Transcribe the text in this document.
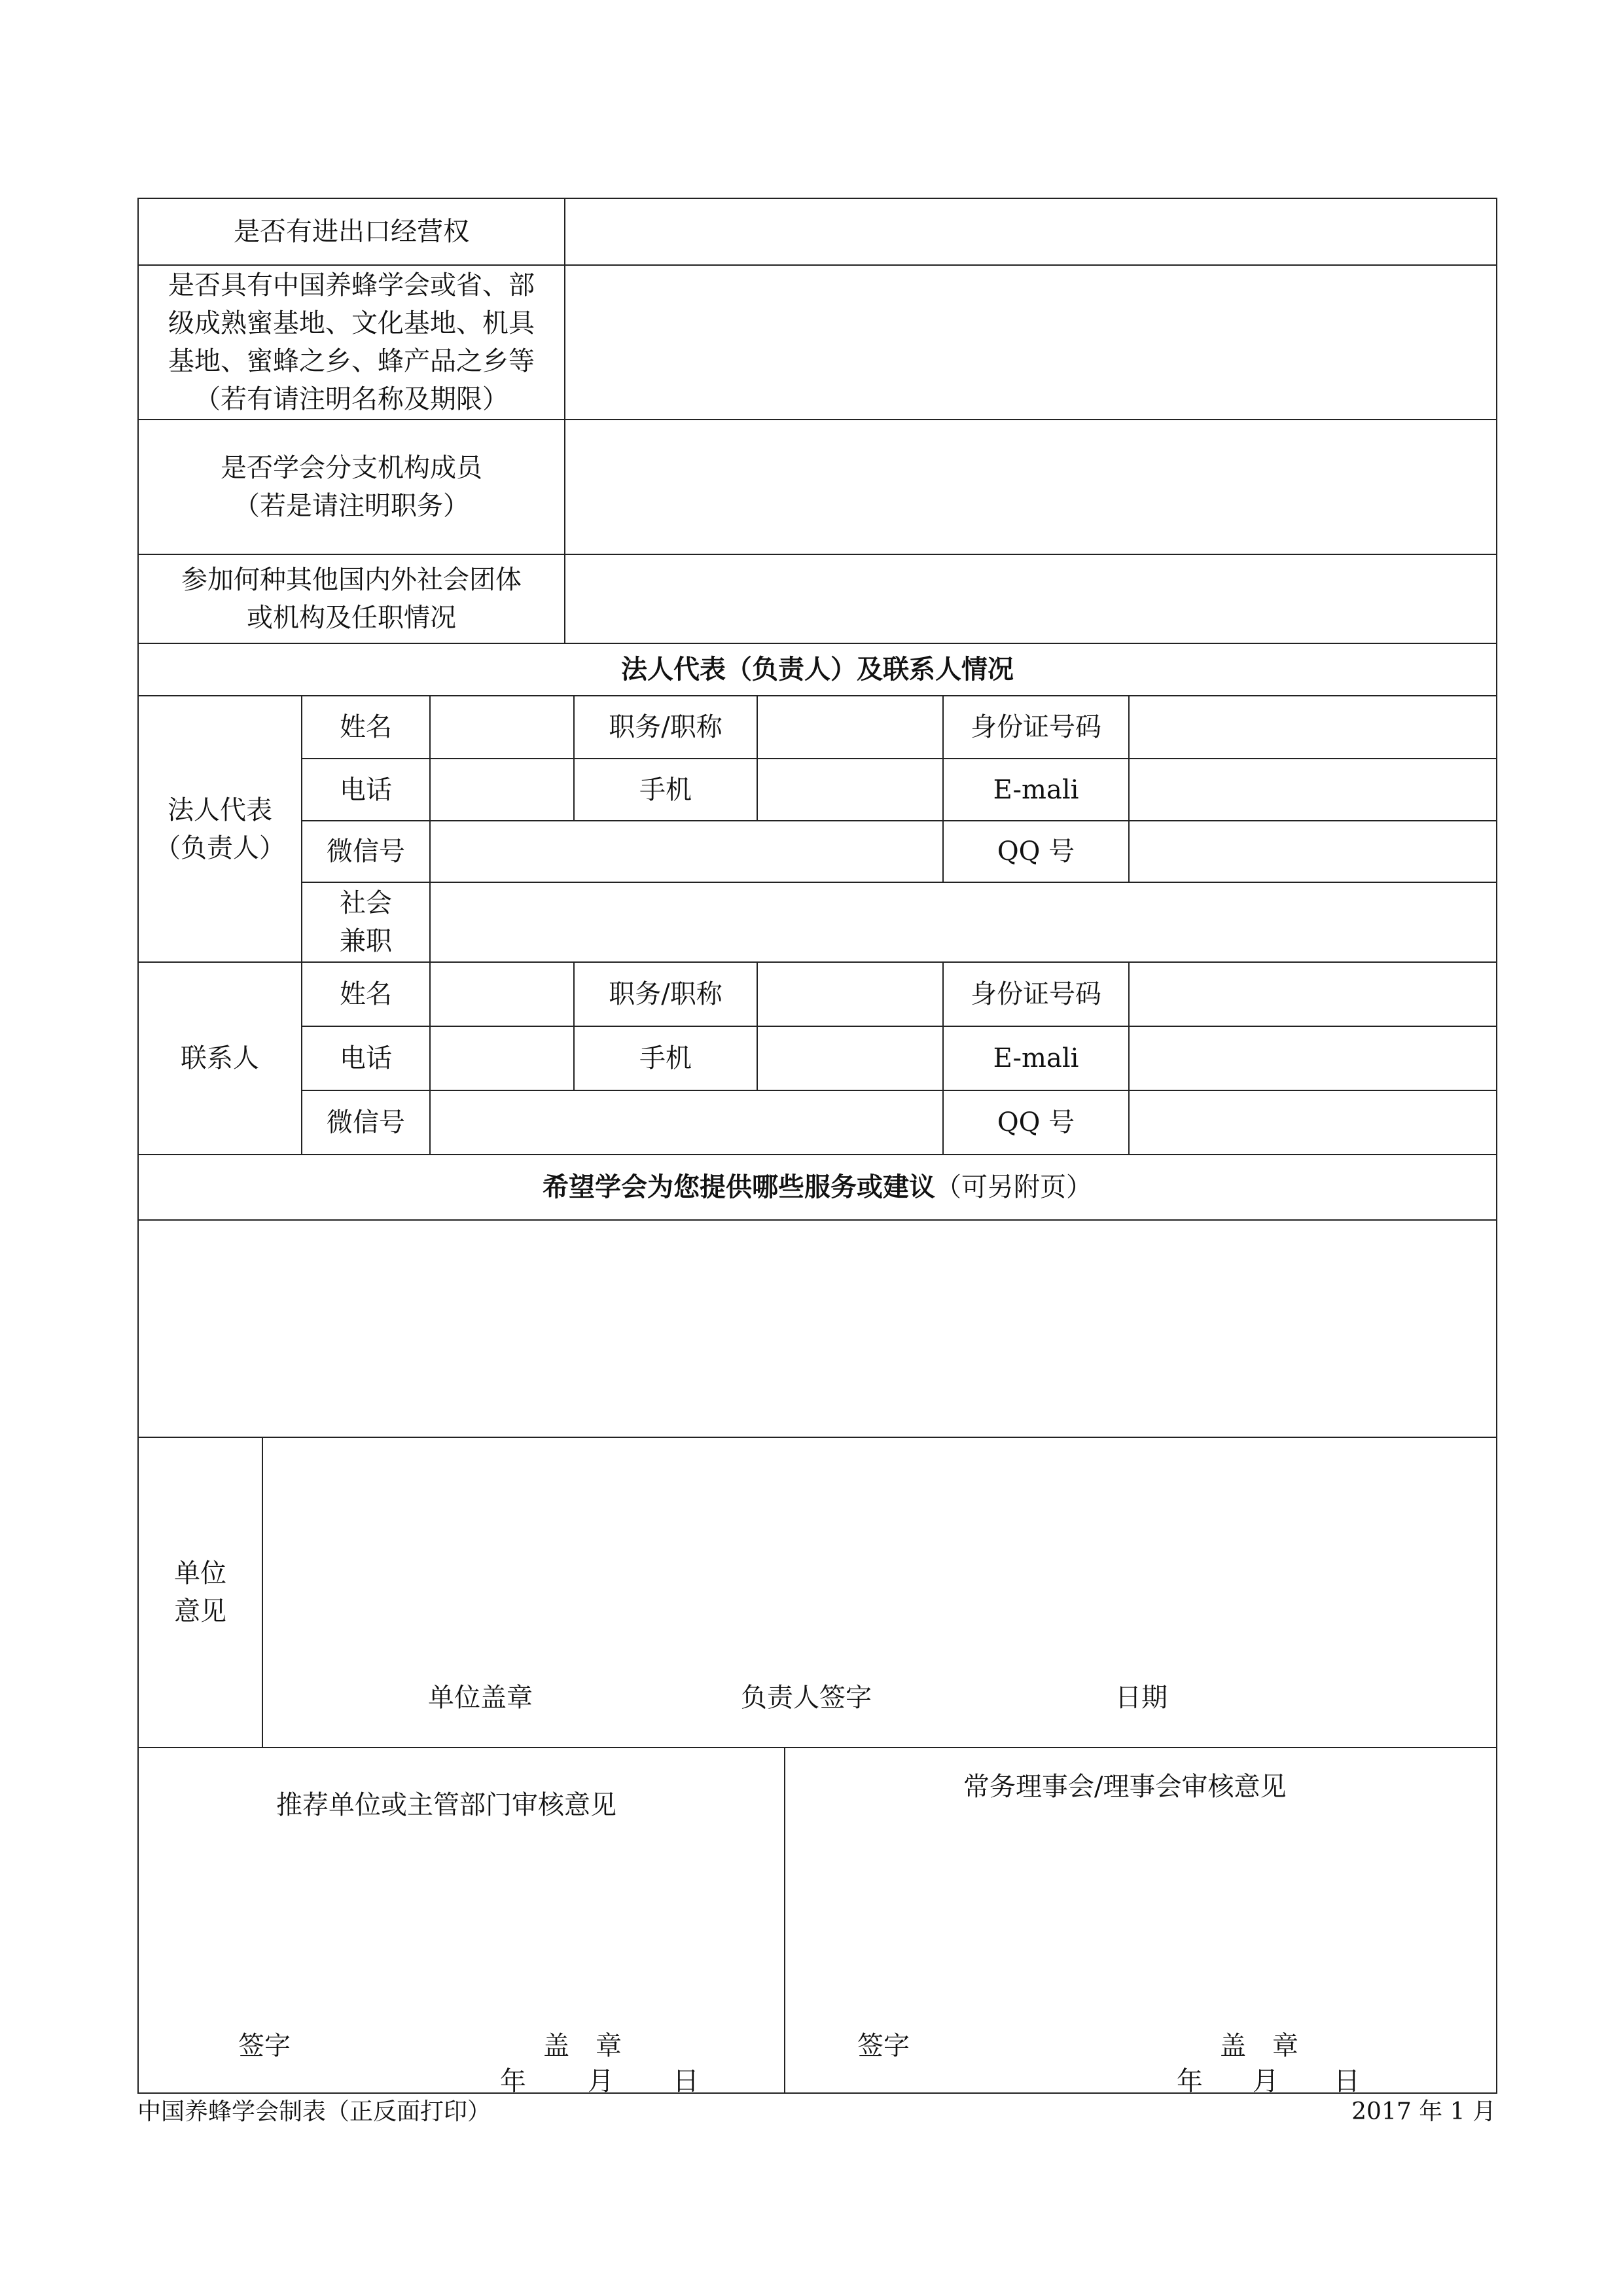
是否有进出口经营权	

是否具有中国养蜂学会或省、部
级成熟蜜基地、文化基地、机具
基地、蜜蜂之乡、蜂产品之乡等
（若有请注明名称及期限）	

是否学会分支机构成员
（若是请注明职务）	

参加何种其他国内外社会团体
或机构及任职情况	

法人代表（负责人）及联系人情况						

法人代表
（负责人）	姓名		职务/职称		身份证号码	
	电话		手机		E-mali	
	微信号				QQ 号	

	社会
兼职					

联系人	姓名		职务/职称		身份证号码	
	电话		手机		E-mali	
	微信号				QQ 号	
希望学会为您提供哪些服务或建议（可另附页）

单位
意见

单位盖章	负责人签字	日期
推荐单位或主管部门审核意见
签字	盖　章
年 月 日

常务理事会/理事会审核意见
签字	盖　章
年 月 日
中国养蜂学会制表（正反面打印）	2017 年 1 月
